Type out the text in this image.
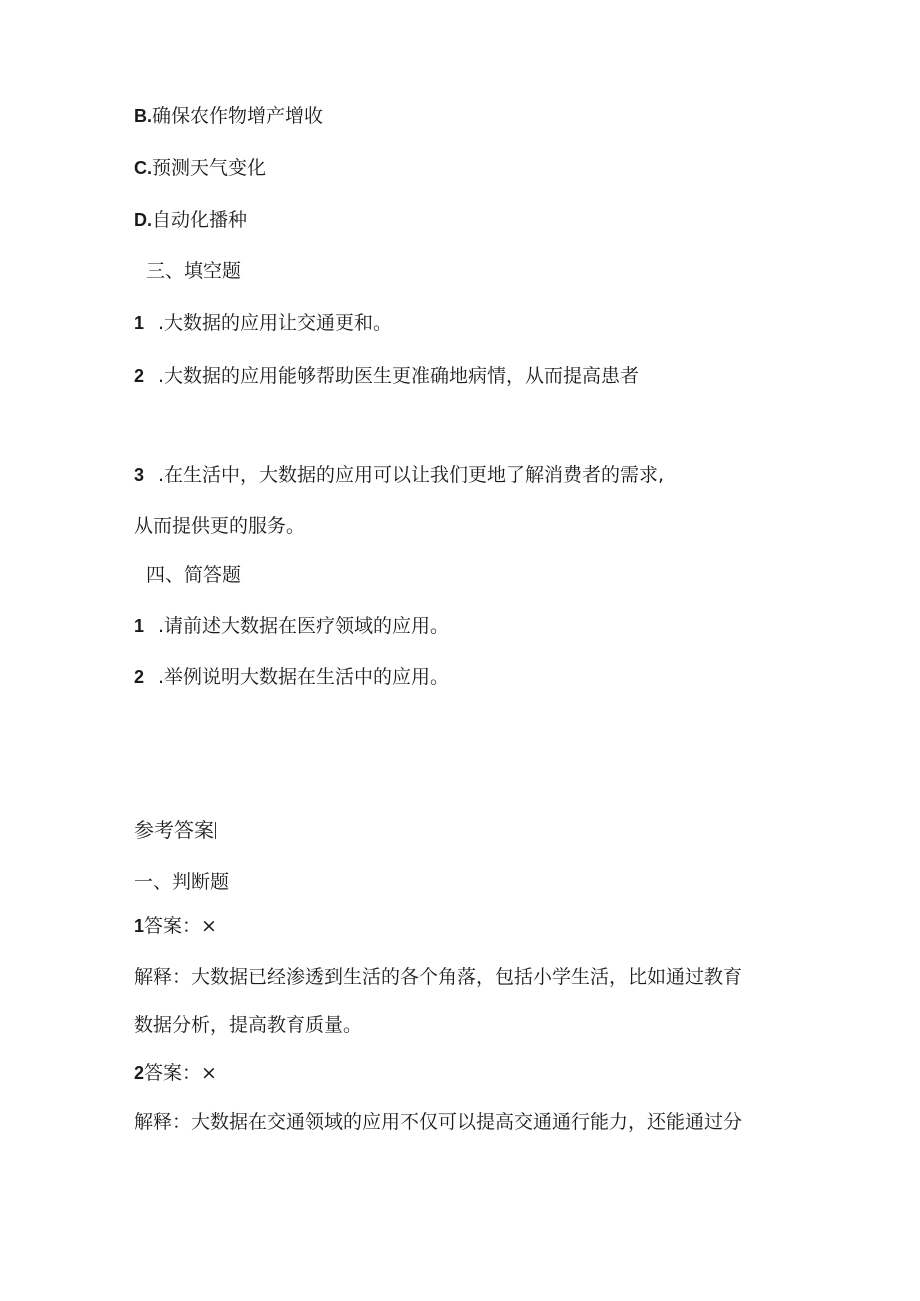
B.确保农作物增产增收
C.预测天气变化
D.自动化播种
三、填空题
1 .大数据的应用让交通更和。
2 .大数据的应用能够帮助医生更准确地病情，从而提高患者
3 .在生活中，大数据的应用可以让我们更地了解消费者的需求,
从而提供更的服务。
四、简答题
1 .请前述大数据在医疗领域的应用。
2 .举例说明大数据在生活中的应用。
参考答案
一、判断题
1答案：×
解释：大数据已经渗透到生活的各个角落，包括小学生活，比如通过教育
数据分析，提高教育质量。
2答案：×
解释：大数据在交通领域的应用不仅可以提高交通通行能力，还能通过分
